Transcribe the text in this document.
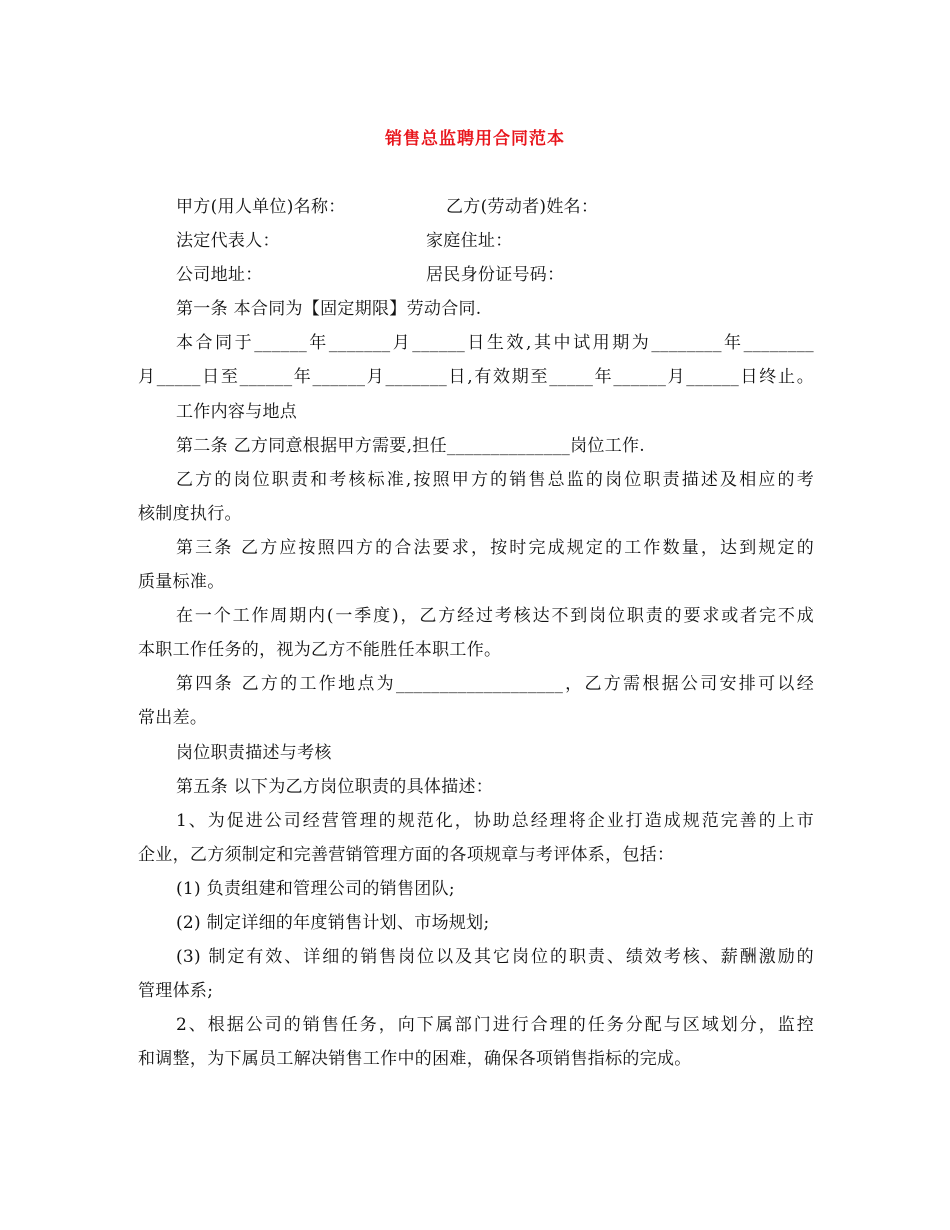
销售总监聘用合同范本
甲方(用人单位)名称：	乙方(劳动者)姓名：
法定代表人：	家庭住址：
公司地址：	居民身份证号码：
第一条 本合同为【固定期限】劳动合同.
本合同于______年_______月______日生效,其中试用期为________年________
月_____日至______年______月_______日,有效期至_____年______月______日终止。
工作内容与地点
第二条 乙方同意根据甲方需要,担任______________岗位工作.
乙方的岗位职责和考核标准,按照甲方的销售总监的岗位职责描述及相应的考
核制度执行。
第三条 乙方应按照四方的合法要求，按时完成规定的工作数量，达到规定的
质量标准。
在一个工作周期内(一季度)，乙方经过考核达不到岗位职责的要求或者完不成
本职工作任务的，视为乙方不能胜任本职工作。
第四条 乙方的工作地点为___________________，乙方需根据公司安排可以经
常出差。
岗位职责描述与考核
第五条 以下为乙方岗位职责的具体描述：
1、为促进公司经营管理的规范化，协助总经理将企业打造成规范完善的上市
企业，乙方须制定和完善营销管理方面的各项规章与考评体系，包括：
(1) 负责组建和管理公司的销售团队;
(2) 制定详细的年度销售计划、市场规划;
(3) 制定有效、详细的销售岗位以及其它岗位的职责、绩效考核、薪酬激励的
管理体系;
2、根据公司的销售任务，向下属部门进行合理的任务分配与区域划分，监控
和调整，为下属员工解决销售工作中的困难，确保各项销售指标的完成。
